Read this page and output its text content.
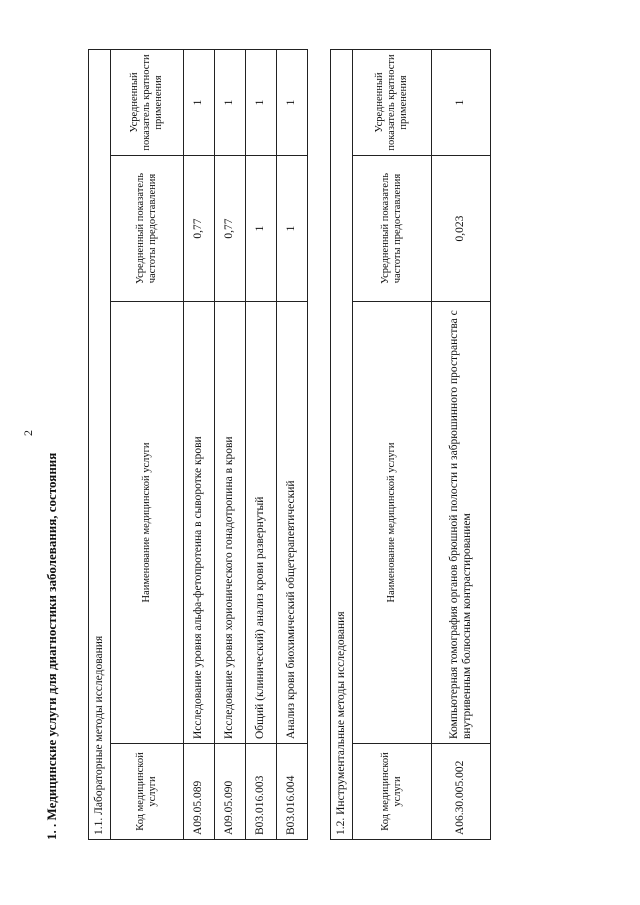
2
1. . Медицинские услуги для диагностики заболевания, состояния	1.1. Лабораторные методы исследования			
Код медицинской услуги	Наименование медицинской услуги	Усредненный показатель частоты предоставления	Усредненный показатель кратности применения
A09.05.089	Исследование уровня альфа-фетопротеина в сыворотке крови	0,77	1
A09.05.090	Исследование уровня хорионического гонадотропина в крови	0,77	1
B03.016.003	Общий (клинический) анализ крови развернутый	1	1
B03.016.004	Анализ крови биохимический общетерапевтический	1	1
1.2. Инструментальные методы исследования			
Код медицинской услуги	Наименование медицинской услуги	Усредненный показатель частоты предоставления	Усредненный показатель кратности применения
A06.30.005.002	Компьютерная томография органов брюшной полости и забрюшинного пространства с внутривенным болюсным контрастированием	0,023	1
